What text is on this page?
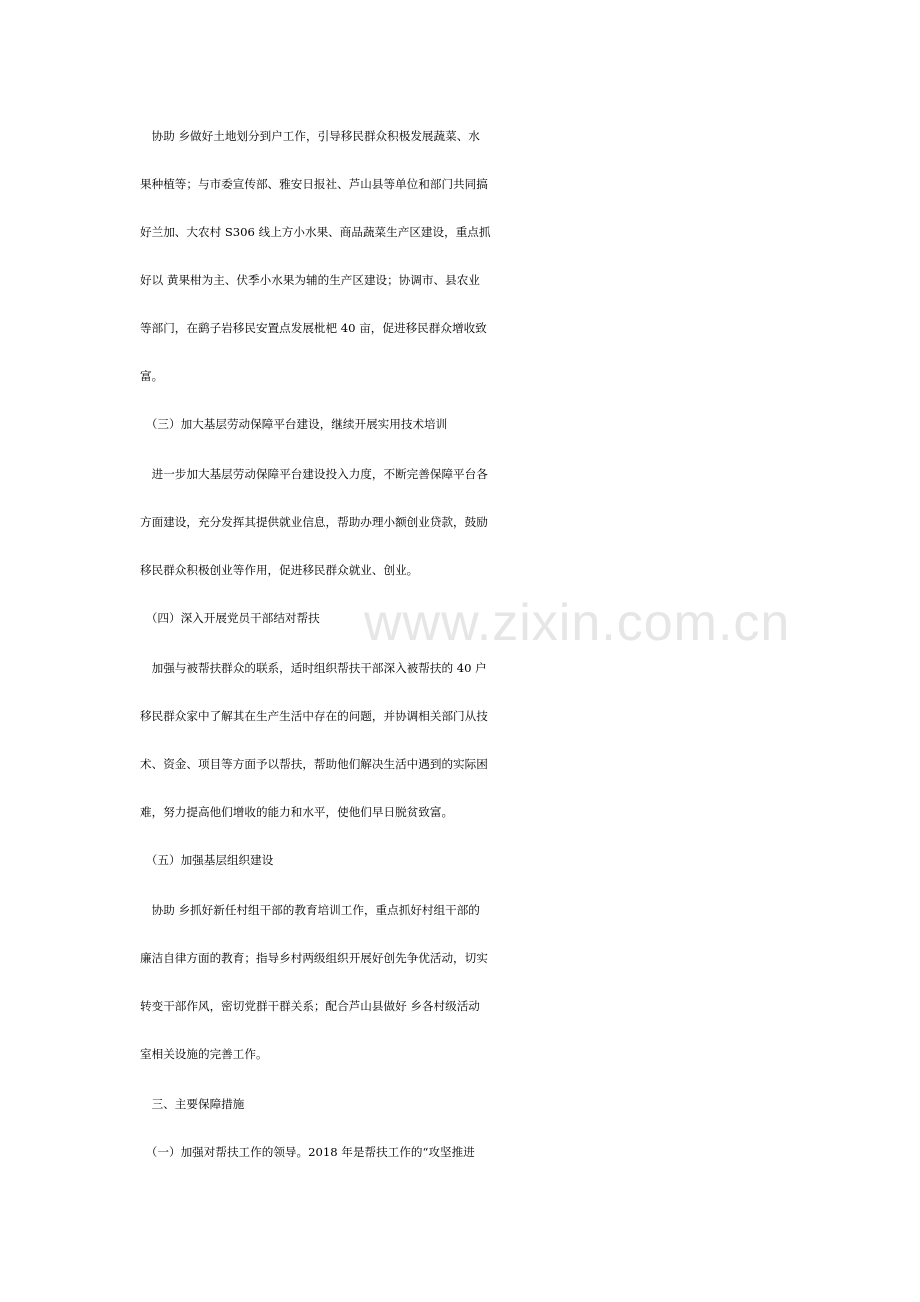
www.zixin.com.cn
　协助 乡做好土地划分到户工作，引导移民群众积极发展蔬菜、水
果种植等；与市委宣传部、雅安日报社、芦山县等单位和部门共同搞
好兰加、大农村 S306 线上方小水果、商品蔬菜生产区建设，重点抓
好以 黄果柑为主、伏季小水果为辅的生产区建设；协调市、县农业
等部门，在鹞子岩移民安置点发展枇杷 40 亩，促进移民群众增收致
富。
　（三）加大基层劳动保障平台建设，继续开展实用技术培训
　进一步加大基层劳动保障平台建设投入力度，不断完善保障平台各
方面建设，充分发挥其提供就业信息，帮助办理小额创业贷款，鼓励
移民群众积极创业等作用，促进移民群众就业、创业。
　（四）深入开展党员干部结对帮扶
　加强与被帮扶群众的联系，适时组织帮扶干部深入被帮扶的 40 户
移民群众家中了解其在生产生活中存在的问题，并协调相关部门从技
术、资金、项目等方面予以帮扶，帮助他们解决生活中遇到的实际困
难，努力提高他们增收的能力和水平，使他们早日脱贫致富。
　（五）加强基层组织建设
　协助 乡抓好新任村组干部的教育培训工作，重点抓好村组干部的
廉洁自律方面的教育；指导乡村两级组织开展好创先争优活动，切实
转变干部作风，密切党群干群关系；配合芦山县做好 乡各村级活动
室相关设施的完善工作。
　三、主要保障措施
　（一）加强对帮扶工作的领导。2018 年是帮扶工作的“攻坚推进
